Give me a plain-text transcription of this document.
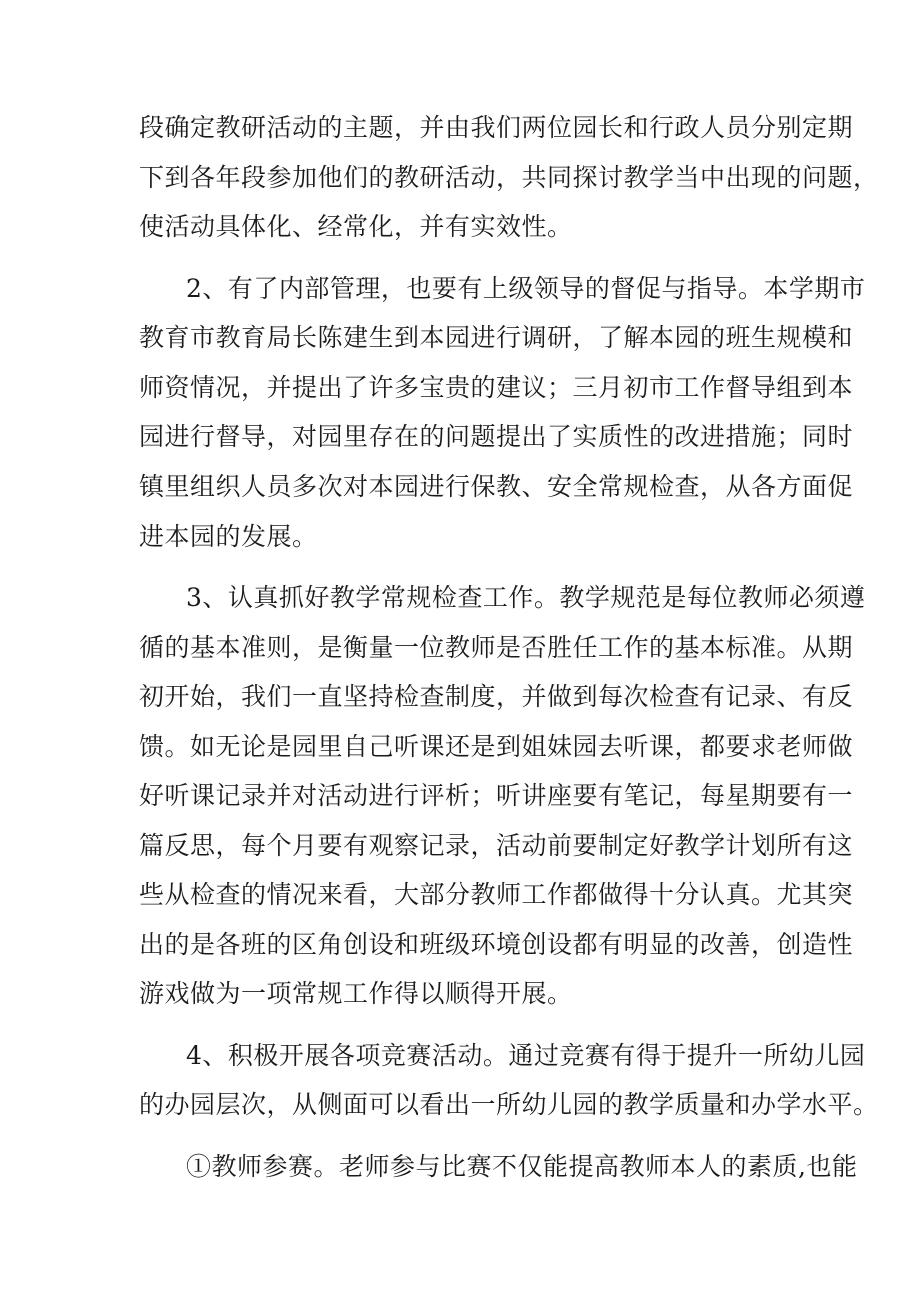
段确定教研活动的主题，并由我们两位园长和行政人员分别定期
下到各年段参加他们的教研活动，共同探讨教学当中出现的问题，
使活动具体化、经常化，并有实效性。
2、有了内部管理，也要有上级领导的督促与指导。本学期市
教育市教育局长陈建生到本园进行调研，了解本园的班生规模和
师资情况，并提出了许多宝贵的建议；三月初市工作督导组到本
园进行督导，对园里存在的问题提出了实质性的改进措施；同时
镇里组织人员多次对本园进行保教、安全常规检查，从各方面促
进本园的发展。
3、认真抓好教学常规检查工作。教学规范是每位教师必须遵
循的基本准则，是衡量一位教师是否胜任工作的基本标准。从期
初开始，我们一直坚持检查制度，并做到每次检查有记录、有反
馈。如无论是园里自己听课还是到姐妹园去听课，都要求老师做
好听课记录并对活动进行评析；听讲座要有笔记，每星期要有一
篇反思，每个月要有观察记录，活动前要制定好教学计划所有这
些从检查的情况来看，大部分教师工作都做得十分认真。尤其突
出的是各班的区角创设和班级环境创设都有明显的改善，创造性
游戏做为一项常规工作得以顺得开展。
4、积极开展各项竞赛活动。通过竞赛有得于提升一所幼儿园
的办园层次，从侧面可以看出一所幼儿园的教学质量和办学水平。
①教师参赛。老师参与比赛不仅能提高教师本人的素质,也能
